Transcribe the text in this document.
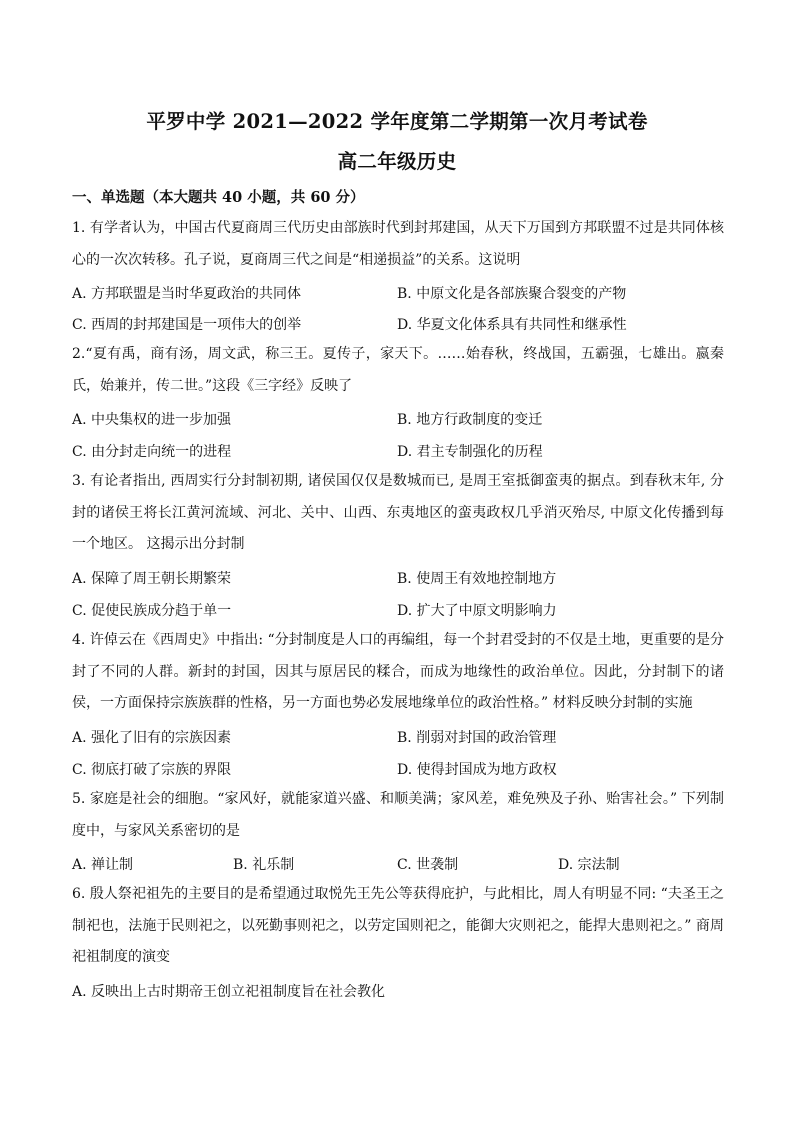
平罗中学 2021—2022 学年度第二学期第一次月考试卷
高二年级历史
一、单选题（本大题共 40 小题，共 60 分）
1. 有学者认为，中国古代夏商周三代历史由部族时代到封邦建国，从天下万国到方邦联盟不过是共同体核心的一次次转移。孔子说，夏商周三代之间是“相递损益”的关系。这说明
A. 方邦联盟是当时华夏政治的共同体	B. 中原文化是各部族聚合裂变的产物
C. 西周的封邦建国是一项伟大的创举	D. 华夏文化体系具有共同性和继承性
2.“夏有禹，商有汤，周文武，称三王。夏传子，家天下。……始春秋，终战国，五霸强，七雄出。嬴秦氏，始兼并，传二世。”这段《三字经》反映了
A. 中央集权的进一步加强	B. 地方行政制度的变迁
C. 由分封走向统一的进程	D. 君主专制强化的历程
3. 有论者指出, 西周实行分封制初期, 诸侯国仅仅是数城而已, 是周王室抵御蛮夷的据点。到春秋末年, 分封的诸侯王将长江黄河流域、河北、关中、山西、东夷地区的蛮夷政权几乎消灭殆尽, 中原文化传播到每一个地区。 这揭示出分封制
A. 保障了周王朝长期繁荣	B. 使周王有效地控制地方
C. 促使民族成分趋于单一	D. 扩大了中原文明影响力
4. 许倬云在《西周史》中指出: “分封制度是人口的再编组，每一个封君受封的不仅是土地，更重要的是分封了不同的人群。新封的封国，因其与原居民的糅合，而成为地缘性的政治单位。因此，分封制下的诸侯，一方面保持宗族族群的性格，另一方面也势必发展地缘单位的政治性格。” 材料反映分封制的实施
A. 强化了旧有的宗族因素	B. 削弱对封国的政治管理
C. 彻底打破了宗族的界限	D. 使得封国成为地方政权
5. 家庭是社会的细胞。“家风好，就能家道兴盛、和顺美满；家风差，难免殃及子孙、贻害社会。” 下列制度中，与家风关系密切的是
A. 禅让制	B. 礼乐制	C. 世袭制	D. 宗法制
6. 殷人祭祀祖先的主要目的是希望通过取悦先王先公等获得庇护，与此相比，周人有明显不同: “夫圣王之制祀也，法施于民则祀之，以死勤事则祀之，以劳定国则祀之，能御大灾则祀之，能捍大患则祀之。” 商周祀祖制度的演变
A. 反映出上古时期帝王创立祀祖制度旨在社会教化
